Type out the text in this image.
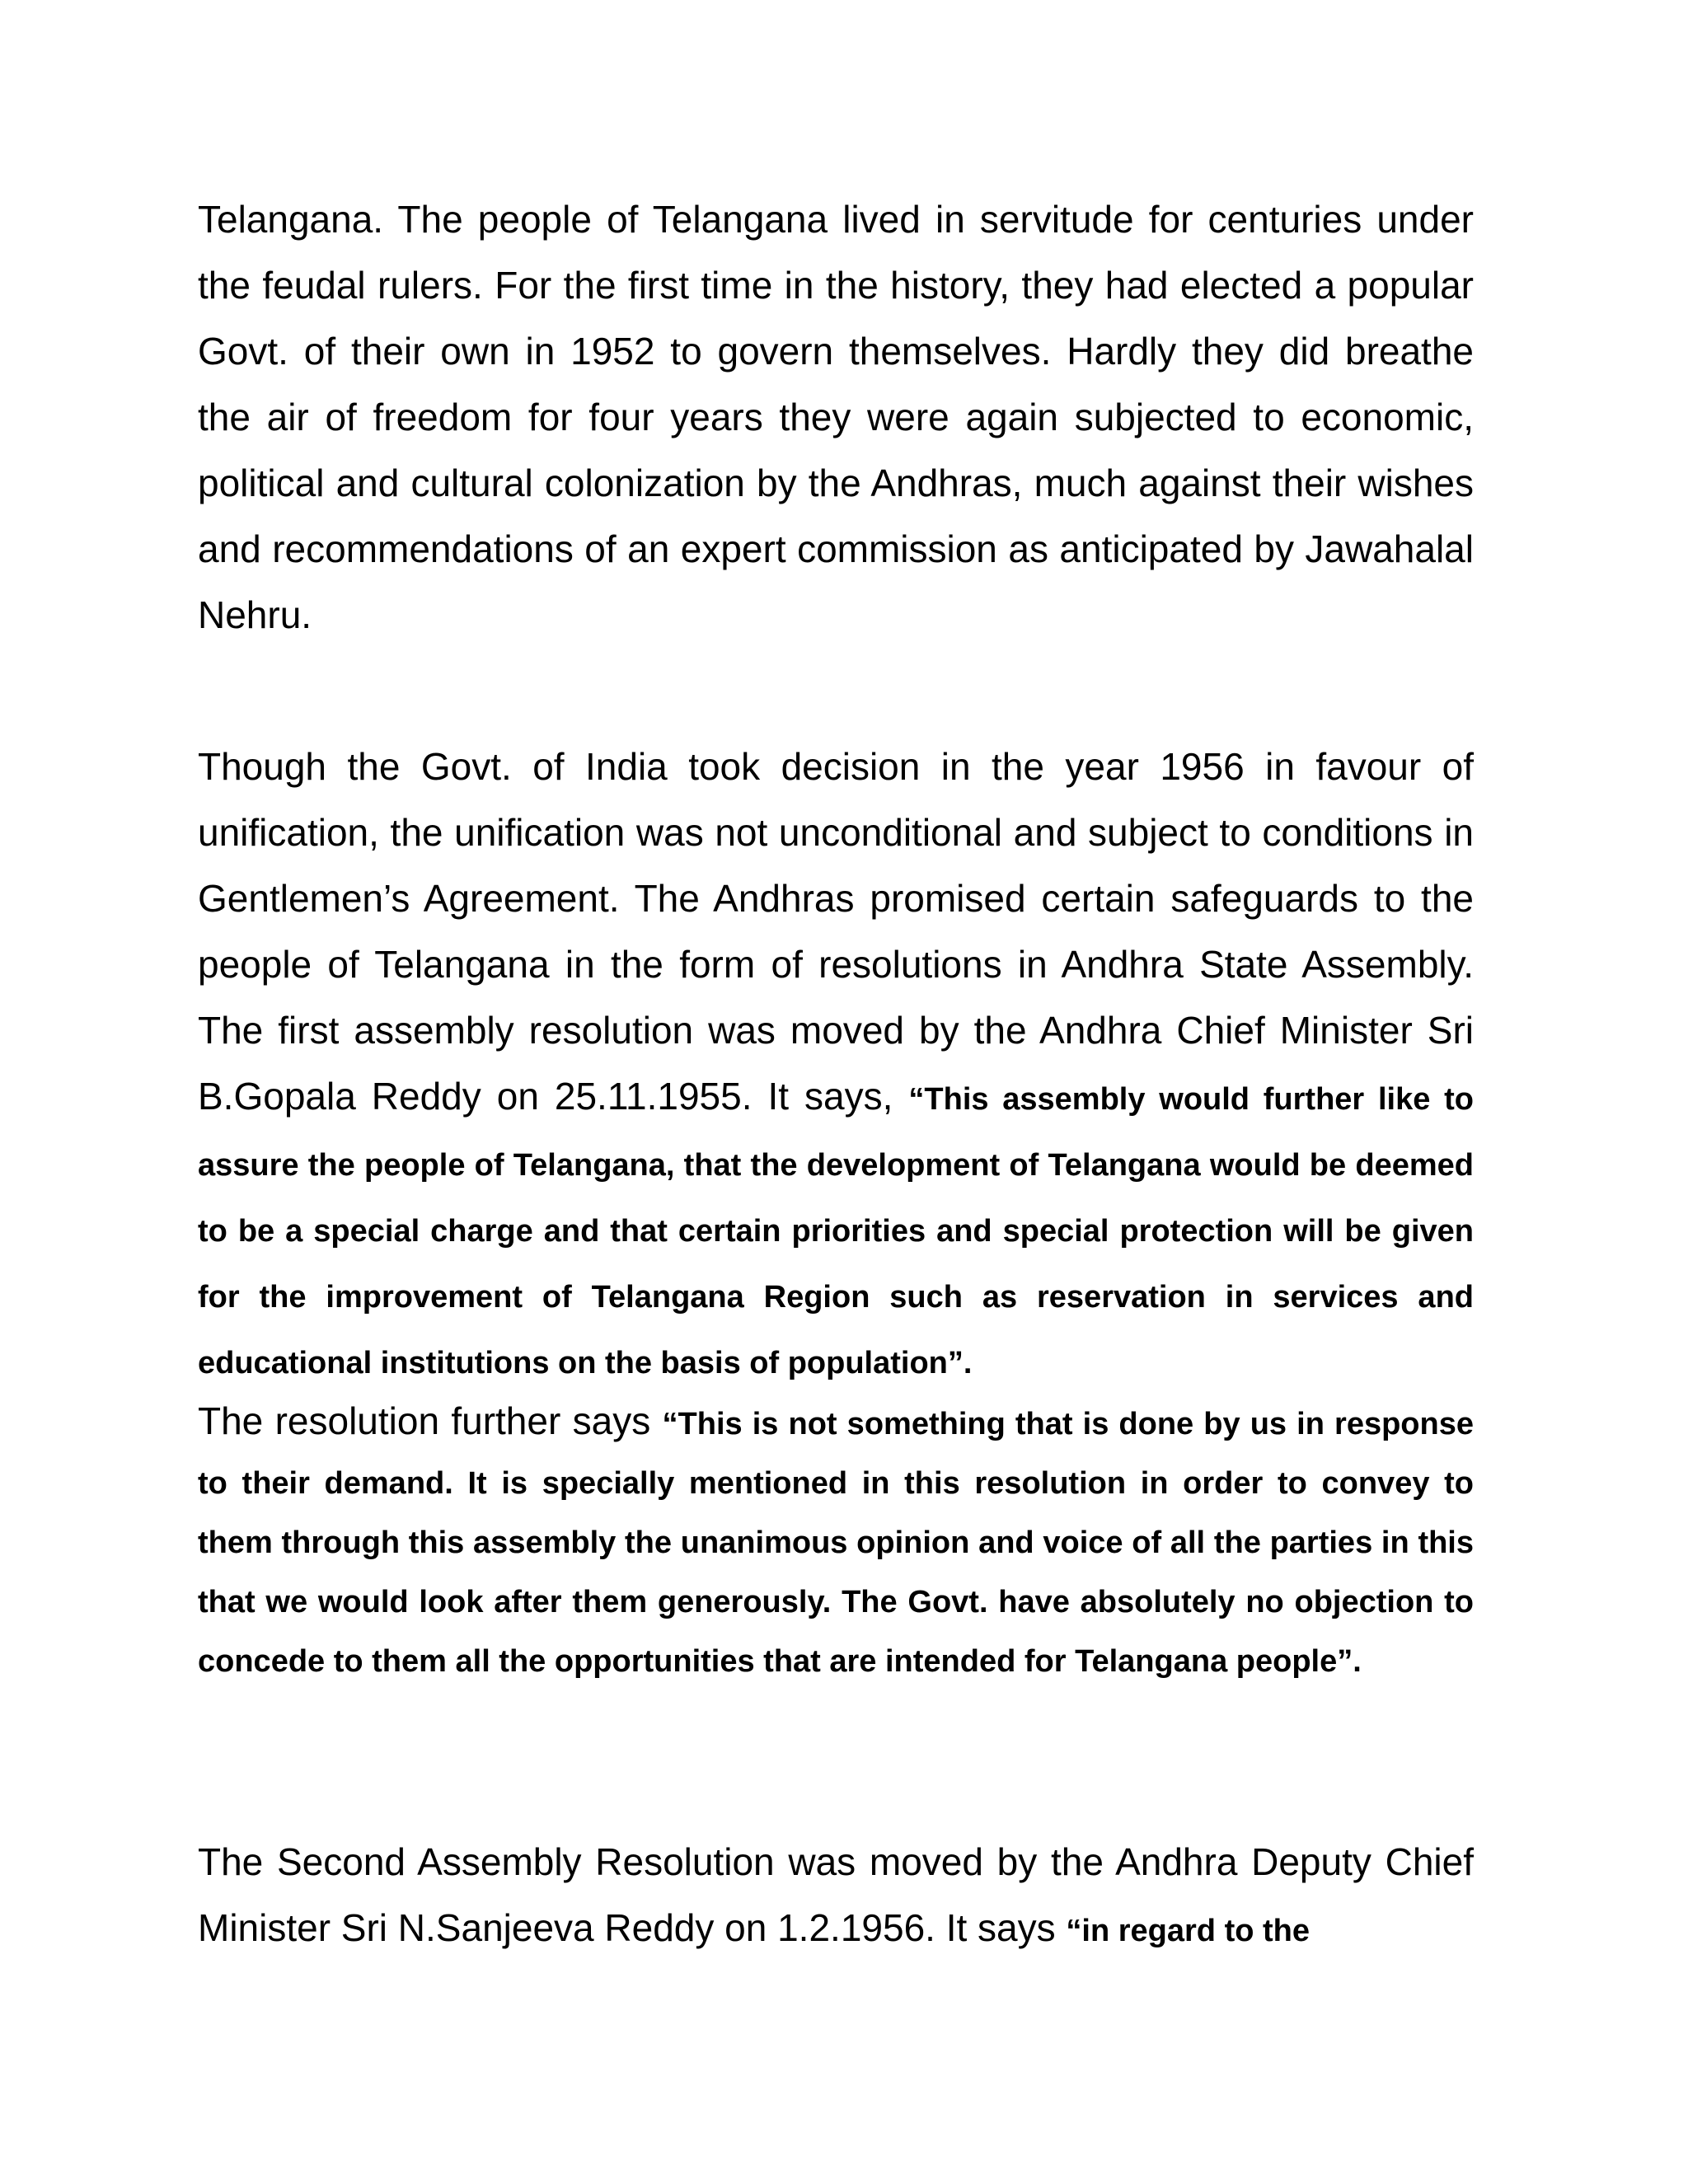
Telangana. The people of Telangana lived in servitude for centuries under the feudal rulers. For the first time in the history, they had elected a popular Govt. of their own in 1952 to govern themselves. Hardly they did breathe the air of freedom for four years they were again subjected to economic, political and cultural colonization by the Andhras, much against their wishes and recommendations of an expert commission as anticipated by Jawahalal Nehru.

Though the Govt. of India took decision in the year 1956 in favour of unification, the unification was not unconditional and subject to conditions in Gentlemen’s Agreement. The Andhras promised certain safeguards to the people of Telangana in the form of resolutions in Andhra State Assembly. The first assembly resolution was moved by the Andhra Chief Minister Sri B.Gopala Reddy on 25.11.1955. It says, “This assembly would further like to assure the people of Telangana, that the development of Telangana would be deemed to be a special charge and that certain priorities and special protection will be given for the improvement of Telangana Region such as reservation in services and educational institutions on the basis of population”.

The resolution further says “This is not something that is done by us in response to their demand. It is specially mentioned in this resolution in order to convey to them through this assembly the unanimous opinion and voice of all the parties in this that we would look after them generously. The Govt. have absolutely no objection to concede to them all the opportunities that are intended for Telangana people”.

The Second Assembly Resolution was moved by the Andhra Deputy Chief Minister Sri N.Sanjeeva Reddy on 1.2.1956. It says “in regard to the
